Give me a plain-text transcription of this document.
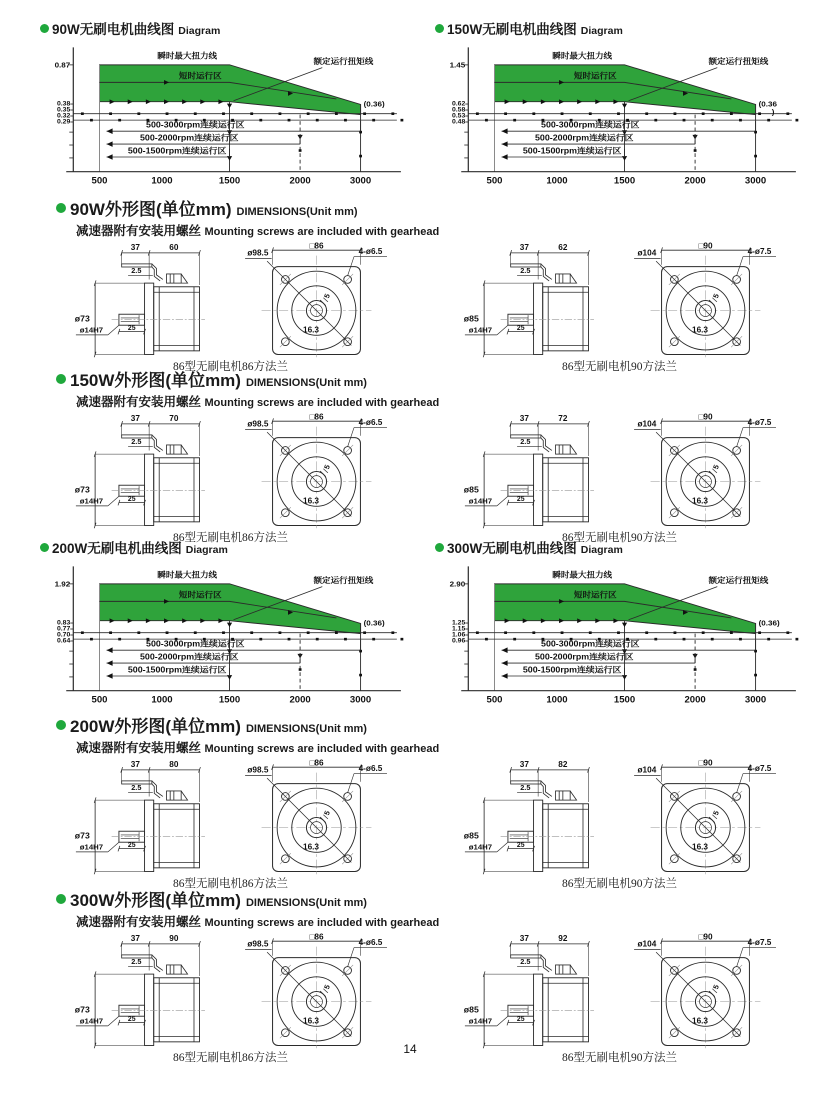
90W无刷电机曲线图 Diagram
瞬时最大扭力线
短时运行区
额定运行扭矩线
500-3000rpm连续运行区
500-2000rpm连续运行区
500-1500rpm连续运行区
0.87
0.38
0.35
0.32
0.29
(0.36)
500	1000	1500	2000	3000
150W无刷电机曲线图 Diagram
瞬时最大扭力线
短时运行区
额定运行扭矩线
500-3000rpm连续运行区
500-2000rpm连续运行区
500-1500rpm连续运行区
1.45
0.62
0.58
0.53
0.48
(0.36 )
500	1000	1500	2000	3000
90W外形图(单位mm) DIMENSIONS(Unit mm)

减速器附有安装用螺丝 Mounting screws are included with gearhead

37	60
2.5
ø73
ø14H7	25
□86
ø98.5	4-ø6.5
5
16.3
86型无刷电机86方法兰
37	62
2.5
ø85
ø14H7	25
□90
ø104	4-ø7.5
5
16.3
86型无刷电机90方法兰
150W外形图(单位mm) DIMENSIONS(Unit mm)

减速器附有安装用螺丝 Mounting screws are included with gearhead

37	70
2.5
ø73
ø14H7	25
□86
ø98.5	4-ø6.5
5
16.3
86型无刷电机86方法兰
37	72
2.5
ø85
ø14H7	25
□90
ø104	4-ø7.5
5
16.3
86型无刷电机90方法兰
200W无刷电机曲线图 Diagram
瞬时最大扭力线
短时运行区
额定运行扭矩线
500-3000rpm连续运行区
500-2000rpm连续运行区
500-1500rpm连续运行区
1.92
0.83
0.77
0.70
0.64
(0.36)
500	1000	1500	2000	3000
300W无刷电机曲线图 Diagram
瞬时最大扭力线
短时运行区
额定运行扭矩线
500-3000rpm连续运行区
500-2000rpm连续运行区
500-1500rpm连续运行区
2.90
1.25
1.15
1.06
0.96
(0.36)
500	1000	1500	2000	3000
200W外形图(单位mm) DIMENSIONS(Unit mm)

减速器附有安装用螺丝 Mounting screws are included with gearhead

37	80
2.5
ø73
ø14H7	25
□86
ø98.5	4-ø6.5
5
16.3
86型无刷电机86方法兰
37	82
2.5
ø85
ø14H7	25
□90
ø104	4-ø7.5
5
16.3
86型无刷电机90方法兰
300W外形图(单位mm) DIMENSIONS(Unit mm)

减速器附有安装用螺丝 Mounting screws are included with gearhead

37	90
2.5
ø73
ø14H7	25
□86
ø98.5	4-ø6.5
5
16.3
86型无刷电机86方法兰
37	92
2.5
ø85
ø14H7	25
□90
ø104	4-ø7.5
5
16.3
86型无刷电机90方法兰
14
